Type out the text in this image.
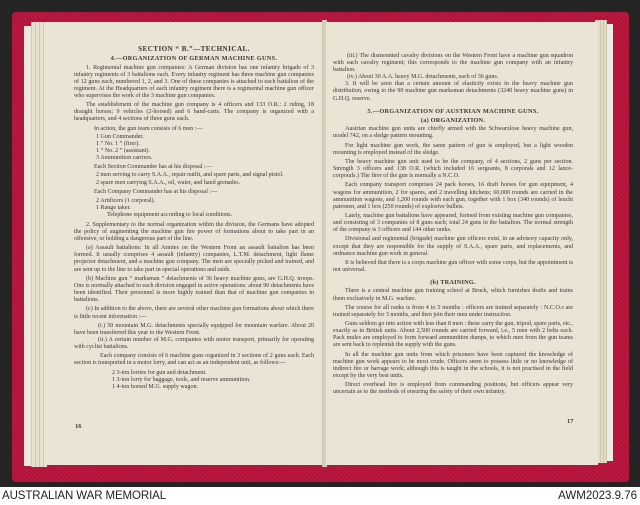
SECTION “ B.”—TECHNICAL.

4.—ORGANIZATION OF GERMAN MACHINE GUNS.

1. Regimental machine gun companies: A German division has one infantry brigade of 3 infantry regiments of 3 battalions each. Every infantry regiment has three machine gun companies of 12 guns each, numbered 1, 2, and 3. One of these companies is attached to each battalion of the regiment. At the Headquarters of each infantry regiment there is a regimental machine gun officer who supervises the work of the 3 machine gun companies.

The establishment of the machine gun company is 4 officers and 133 O.R.: 2 riding, 18 draught horses; 9 vehicles (2-horsed) and 6 hand-carts. The company is organized with a headquarters, and 4 sections of three guns each.

In action, the gun team consists of 6 men :—

1 Gun Commander.
1 “ No. 1 ” (firer).
1 “ No. 2 ” (assistant).
3 Ammunition carriers.

Each Section Commander has at his disposal :—

2 men serving to carry S.A.A., repair outfit, and spare parts, and signal pistol.

2 spare men carrying S.A.A., oil, water, and hand grenades.

Each Company Commander has at his disposal :—

2 Artificers (1 corporal).
1 Range taker.
Telephone equipment according to local conditions.

2. Supplementary to the normal organization within the division, the Germans have adopted the policy of augmenting the machine gun fire power of formations about to take part in an offensive, or holding a dangerous part of the line.

(a) Assault battalions: In all Armies on the Western Front an assault battalion has been formed. It usually comprises 4 assault (infantry) companies, L.T.M. detachment, light flame projector detachment, and a machine gun company. The men are specially picked and trained, and are sent up to the line to take part in special operations and raids.

(b) Machine gun “ marksman ” detachments of 36 heavy machine guns, are G.H.Q. troops. One is normally attached to each division engaged in active operations: about 90 detachments have been identified. Their personnel is more highly trained than that of machine gun companies in battalions.

(c) In addition to the above, there are several other machine gun formations about which there is little recent information :—

(i.) 50 mountain M.G. detachments specially equipped for mountain warfare. About 20 have been transferred this year to the Western Front.

(ii.) A certain number of M.G. companies with motor transport, primarily for operating with cyclist battalions.

Each company consists of 6 machine guns organized in 3 sections of 2 guns each. Each section is transported in a motor lorry, and can act as an independent unit, as follows:—

2 3-ton lorries for gun and detachment.
1 3-ton lorry for baggage, tools, and reserve ammunition.
1 4-ton horsed M.G. supply wagon.
16

(iii.) The dismounted cavalry divisions on the Western Front have a machine gun squadron with each cavalry regiment; this corresponds to the machine gun company with an infantry battalion.

(iv.) About 30 A.A. heavy M.G. detachments, each of 36 guns.

3. It will be seen that a certain amount of elasticity exists in the heavy machine gun distribution, owing to the 90 machine gun marksman detachments (3240 heavy machine guns) in G.H.Q. reserve.

5.—ORGANIZATION OF AUSTRIAN MACHINE GUNS.

(a) ORGANIZATION.

Austrian machine gun units are chiefly armed with the Schwarzlose heavy machine gun, model 742, on a sledge pattern mounting.

For light machine gun work, the same pattern of gun is employed, but a light wooden mounting is employed instead of the sledge.

The heavy machine gun unit used to be the company, of 4 sections, 2 guns per section. Strength 3 officers and 138 O.R. (which included 16 sergeants, 8 corporals and 12 lance-corporals.) The firer of the gun is normally a N.C.O.

Each company transport comprises 24 pack horses, 16 draft horses for gun equipment, 4 wagons for ammunition, 2 for spares, and 2 travelling kitchens; 60,000 rounds are carried in the ammunition wagons, and 1,200 rounds with each gun, together with 1 box (340 rounds) of leucht patronen, and 1 box (250 rounds) of explosive bullets.

Lately, machine gun battalions have appeared, formed from existing machine gun companies, and consisting of 3 companies of 8 guns each; total 24 guns in the battalion. The normal strength of the company is 3 officers and 144 other ranks.

Divisional and regimental (brigade) machine gun officers exist, in an advisory capacity only, except that they are responsible for the supply of S.A.A., spare parts, and replacements, and ordnance machine gun work in general.

It is believed that there is a corps machine gun officer with some corps, but the appointment is not universal.

(b) TRAINING.

There is a central machine gun training school at Bruck, which furnishes drafts and trains them exclusively in M.G. warfare.

The course for all ranks is from 4 to 5 months : officers are trained separately : N.C.O.s are trained separately for 3 months, and then join their men under instruction.

Guns seldom go into action with less than 8 men : these carry the gun, tripod, spare parts, etc., exactly as in British units. About 2,500 rounds are carried forward, i.e., 5 men with 2 belts each. Pack mules are employed to form forward ammunition dumps, to which men from the gun teams are sent back to replenish the supply with the guns.

In all the machine gun units from which prisoners have been captured the knowledge of machine gun work appears to be most crude. Officers seem to possess little or no knowledge of indirect fire or barrage work; although this is taught in the schools, it is not practised in the field except by the very best units.

Direct overhead fire is employed from commanding positions, but officers appear very uncertain as to the methods of ensuring the safety of their own infantry.

17
AUSTRALIAN WAR MEMORIAL	AWM2023.9.76
